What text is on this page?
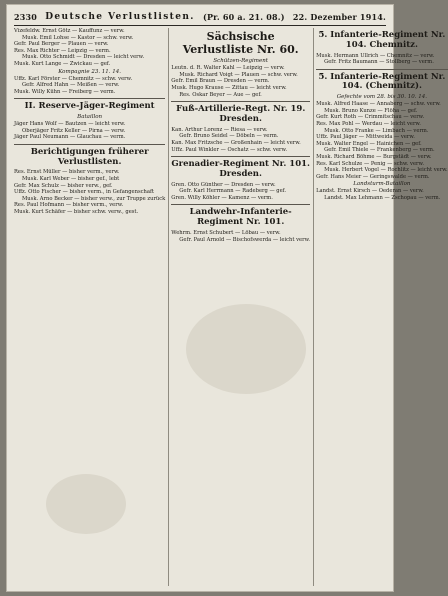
2330 Deutsche Verlustlisten. (Pr. 60 a. 21. 08.) 22. Dezember 1914.
Vizefeldw. Ernst Götz — Kauffunz — verw.
Musk. Emil Lohse — Kastor — schw. verw.
Gefr. Paul Berger — Plauen — verw.
Res. Max Richter — Leipzig — verm.
Musk. Otto Schmidt — Dresden — leicht verw.
Musk. Kurt Lange — Zwickau — gef.
Kompagnie 23. 11. 14.
Uffz. Karl Förster — Chemnitz — schw. verw.
Gefr. Alfred Hahn — Meißen — verw.
Musk. Willy Kühn — Freiberg — verm.
II. Reserve-Jäger-Regiment
Bataillon
Jäger Hans Wolf — Bautzen — leicht verw.
Oberjäger Fritz Keller — Pirna — verw.
Jäger Paul Neumann — Glauchau — verm.
Berichtigungen früherer Verlustlisten.
Res. Ernst Müller — bisher verm., verw.
Musk. Karl Weber — bisher gef., lebt
Gefr. Max Schulz — bisher verw., gef.
Uffz. Otto Fischer — bisher verm., in Gefangenschaft
Musk. Arno Becker — bisher verw., zur Truppe zurück
Res. Paul Hofmann — bisher verm., verw.
Musk. Kurt Schäfer — bisher schw. verw., gest.
Sächsische Verlustliste Nr. 60.
Schützen-Regiment
Leutn. d. R. Walter Kahl — Leipzig — verw.
Musk. Richard Voigt — Plauen — schw. verw.
Gefr. Emil Braun — Dresden — verm.
Musk. Hugo Krause — Zittau — leicht verw.
Res. Oskar Beyer — Aue — gef.
Fuß-Artillerie-Regt. Nr. 19. Dresden.
Kan. Arthur Lorenz — Riesa — verw.
Gefr. Bruno Seidel — Döbeln — verm.
Kan. Max Fritzsche — Großenhain — leicht verw.
Uffz. Paul Winkler — Oschatz — schw. verw.
Grenadier-Regiment Nr. 101. Dresden.
Gren. Otto Günther — Dresden — verw.
Gefr. Karl Herrmann — Radeberg — gef.
Gren. Willy Köhler — Kamenz — verm.
Landwehr-Infanterie-Regiment Nr. 101.
Wehrm. Ernst Schubert — Löbau — verw.
Gefr. Paul Arnold — Bischofswerda — leicht verw.
5. Infanterie-Regiment Nr. 104. Chemnitz.
Musk. Hermann Ullrich — Chemnitz — verw.
Gefr. Fritz Baumann — Stollberg — verm.
5. Infanterie-Regiment Nr. 104. (Chemnitz).
Gefechte vom 28. bis 30. 10. 14.
Musk. Alfred Haase — Annaberg — schw. verw.
Musk. Bruno Kunze — Flöha — gef.
Gefr. Kurt Roth — Crimmitschau — verw.
Res. Max Pohl — Werdau — leicht verw.
Musk. Otto Franke — Limbach — verm.
Uffz. Paul Jäger — Mittweida — verw.
Musk. Walter Engel — Hainichen — gef.
Gefr. Emil Thiele — Frankenberg — verm.
Musk. Richard Böhme — Burgstädt — verw.
Res. Karl Schulze — Penig — schw. verw.
Musk. Herbert Vogel — Rochlitz — leicht verw.
Gefr. Hans Meier — Geringswalde — verm.
Landsturm-Bataillon
Landst. Ernst Kirsch — Oederan — verw.
Landst. Max Lehmann — Zschopau — verm.
